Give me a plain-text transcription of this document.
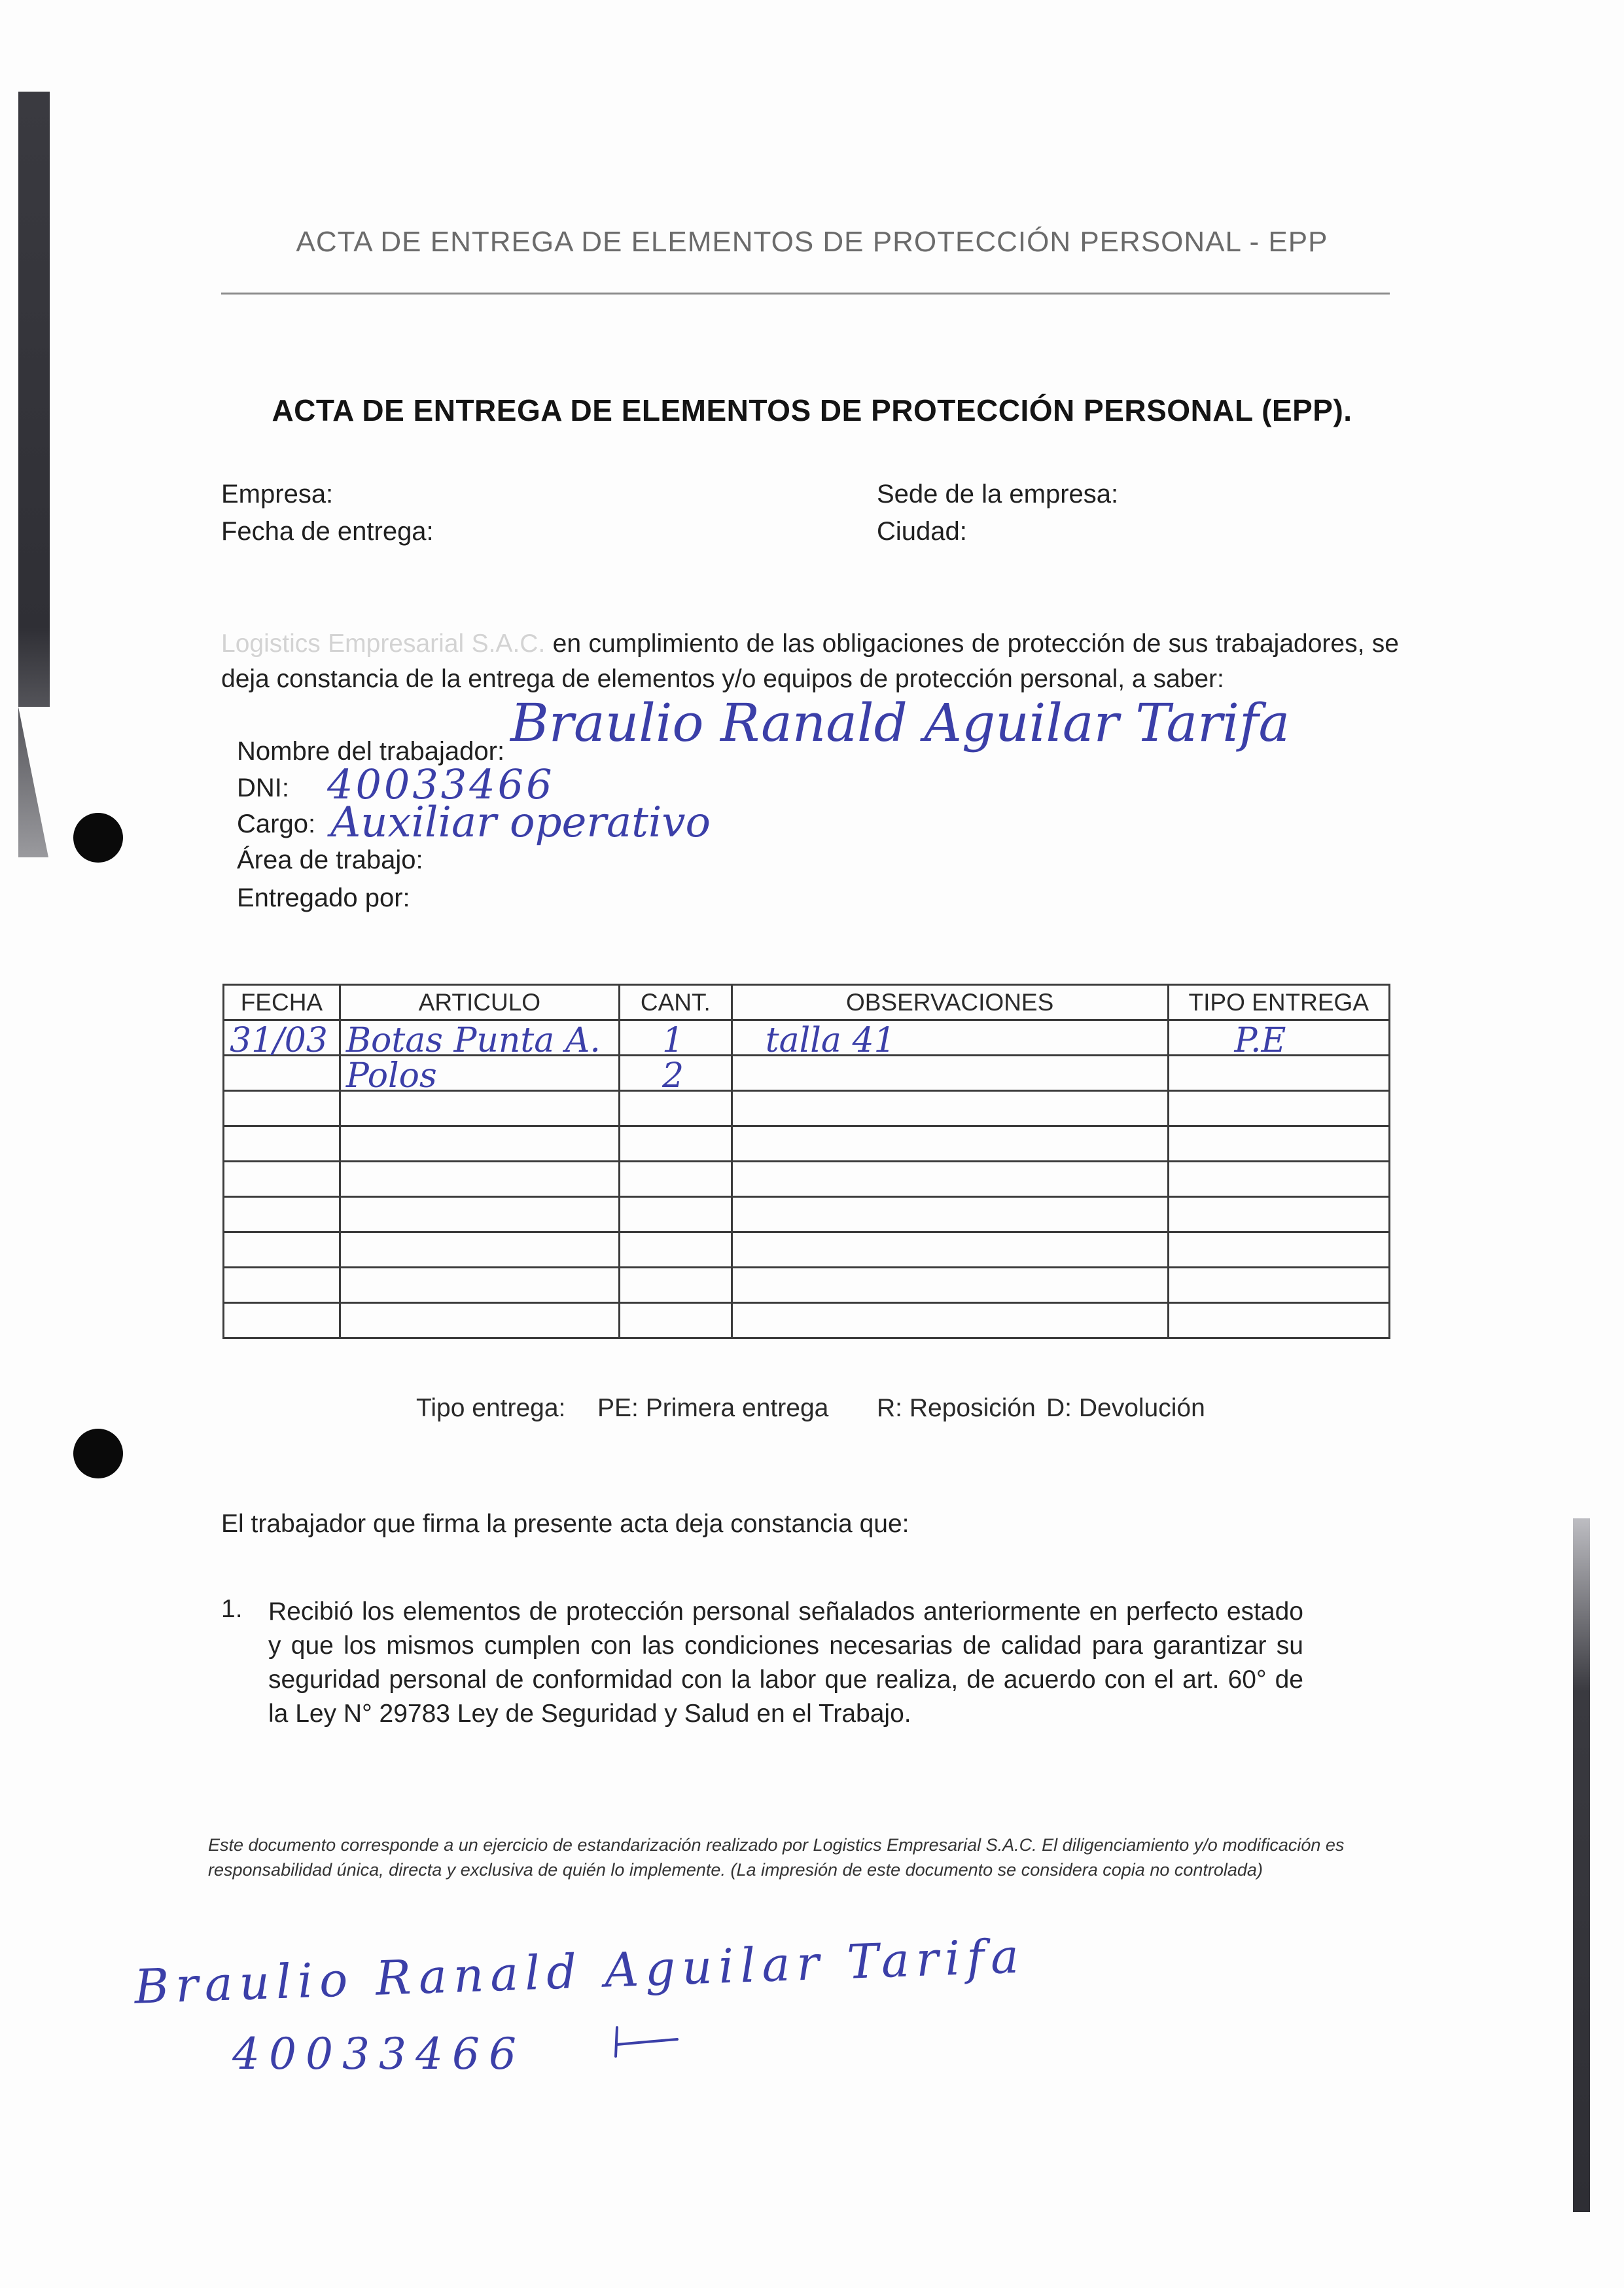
ACTA DE ENTREGA DE ELEMENTOS DE PROTECCIÓN PERSONAL - EPP
ACTA DE ENTREGA DE ELEMENTOS DE PROTECCIÓN PERSONAL (EPP).
Empresa:
Fecha de entrega:
Sede de la empresa:
Ciudad:
Logistics Empresarial S.A.C. en cumplimiento de las obligaciones de protección de sus trabajadores, se deja constancia de la entrega de elementos y/o equipos de protección personal, a saber:
Nombre del trabajador: Braulio Ranald Aguilar Tarifa
DNI: 40033466
Cargo: Auxiliar operativo
Área de trabajo:
Entregado por:
FECHA	ARTICULO	CANT.	OBSERVACIONES	TIPO ENTREGA

31/03	Botas Punta A.	1	talla 41	P.E

	Polos	2		

Tipo entrega: PE: Primera entrega R: Reposición D: Devolución
El trabajador que firma la presente acta deja constancia que:
1. Recibió los elementos de protección personal señalados anteriormente en perfecto estado y que los mismos cumplen con las condiciones necesarias de calidad para garantizar su seguridad personal de conformidad con la labor que realiza, de acuerdo con el art. 60° de la Ley N° 29783 Ley de Seguridad y Salud en el Trabajo.
Este documento corresponde a un ejercicio de estandarización realizado por Logistics Empresarial S.A.C. El diligenciamiento y/o modificación es responsabilidad única, directa y exclusiva de quién lo implemente. (La impresión de este documento se considera copia no controlada)
Braulio Ranald Aguilar Tarifa
40033466
